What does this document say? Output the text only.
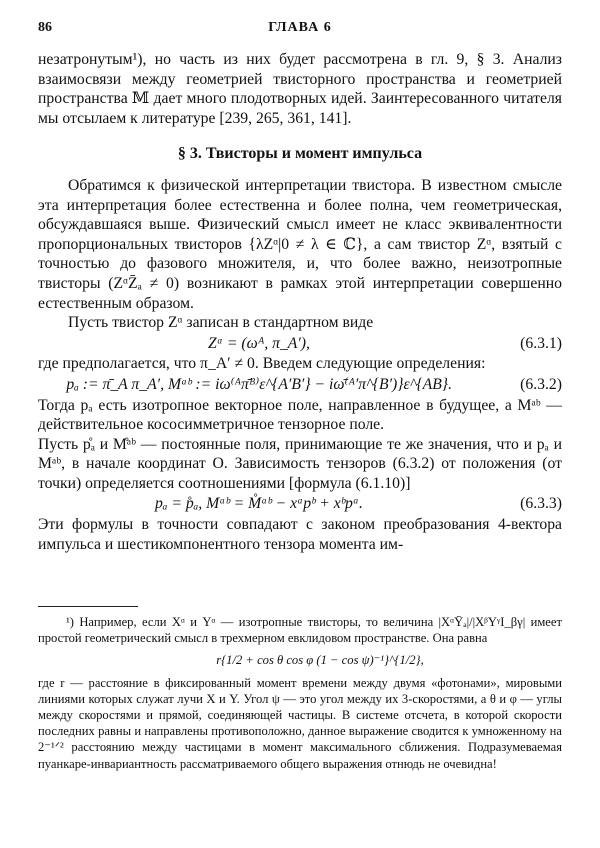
86	ГЛАВА 6

незатронутым¹), но часть из них будет рассмотрена в гл. 9, § 3. Анализ взаимосвязи между геометрией твисторного пространства и геометрией пространства 𝕄 дает много плодотворных идей. Заинтересованного читателя мы отсылаем к литературе [239, 265, 361, 141].

§ 3. Твисторы и момент импульса

Обратимся к физической интерпретации твистора. В известном смысле эта интерпретация более естественна и более полна, чем геометрическая, обсуждавшаяся выше. Физический смысл имеет не класс эквивалентности пропорциональных твисторов {λZᵅ|0 ≠ λ ∈ ℂ}, а сам твистор Zᵅ, взятый с точностью до фазового множителя, и, что более важно, неизотропные твисторы (ZᵅZ̄ₐ ≠ 0) возникают в рамках этой интерпретации совершенно естественным образом.

Пусть твистор Zᵅ записан в стандартном виде

Zᵅ = (ωᴬ, π_A′),	(6.3.1)

где предполагается, что π_A′ ≠ 0. Введем следующие определения:

pₐ := π̄_A π_A′, Mᵃᵇ := iω⁽ᴬπ̄ᴮ⁾ε^{A′B′} − iω̄⁽ᴬ′π^{B′)}ε^{AB}.	(6.3.2)

Тогда pₐ есть изотропное векторное поле, направленное в будущее, а Mᵃᵇ — действительное кососимметричное тензорное поле.

Пусть p̊ₐ и M̊ᵃᵇ — постоянные поля, принимающие те же значения, что и pₐ и Mᵃᵇ, в начале координат O. Зависимость тензоров (6.3.2) от положения (от точки) определяется соотношениями [формула (6.1.10)]

pₐ = p̊ₐ, Mᵃᵇ = M̊ᵃᵇ − xᵃpᵇ + xᵇpᵃ.	(6.3.3)

Эти формулы в точности совпадают с законом преобразования 4-вектора импульса и шестикомпонентного тензора момента им-

¹) Например, если Xᵅ и Yᵅ — изотропные твисторы, то величина |XᵅȲₐ|/|XᵝYᵞI_βγ| имеет простой геометрический смысл в трехмерном евклидовом пространстве. Она равна

r{1/2 + cos θ cos φ (1 − cos ψ)⁻¹}^{1/2},

где r — расстояние в фиксированный момент времени между двумя «фотонами», мировыми линиями которых служат лучи X и Y. Угол ψ — это угол между их 3-скоростями, а θ и φ — углы между скоростями и прямой, соединяющей частицы. В системе отсчета, в которой скорости последних равны и направлены противоположно, данное выражение сводится к умноженному на 2⁻¹ᐟ² расстоянию между частицами в момент максимального сближения. Подразумеваемая пуанкаре-инвариантность рассматриваемого общего выражения отнюдь не очевидна!
